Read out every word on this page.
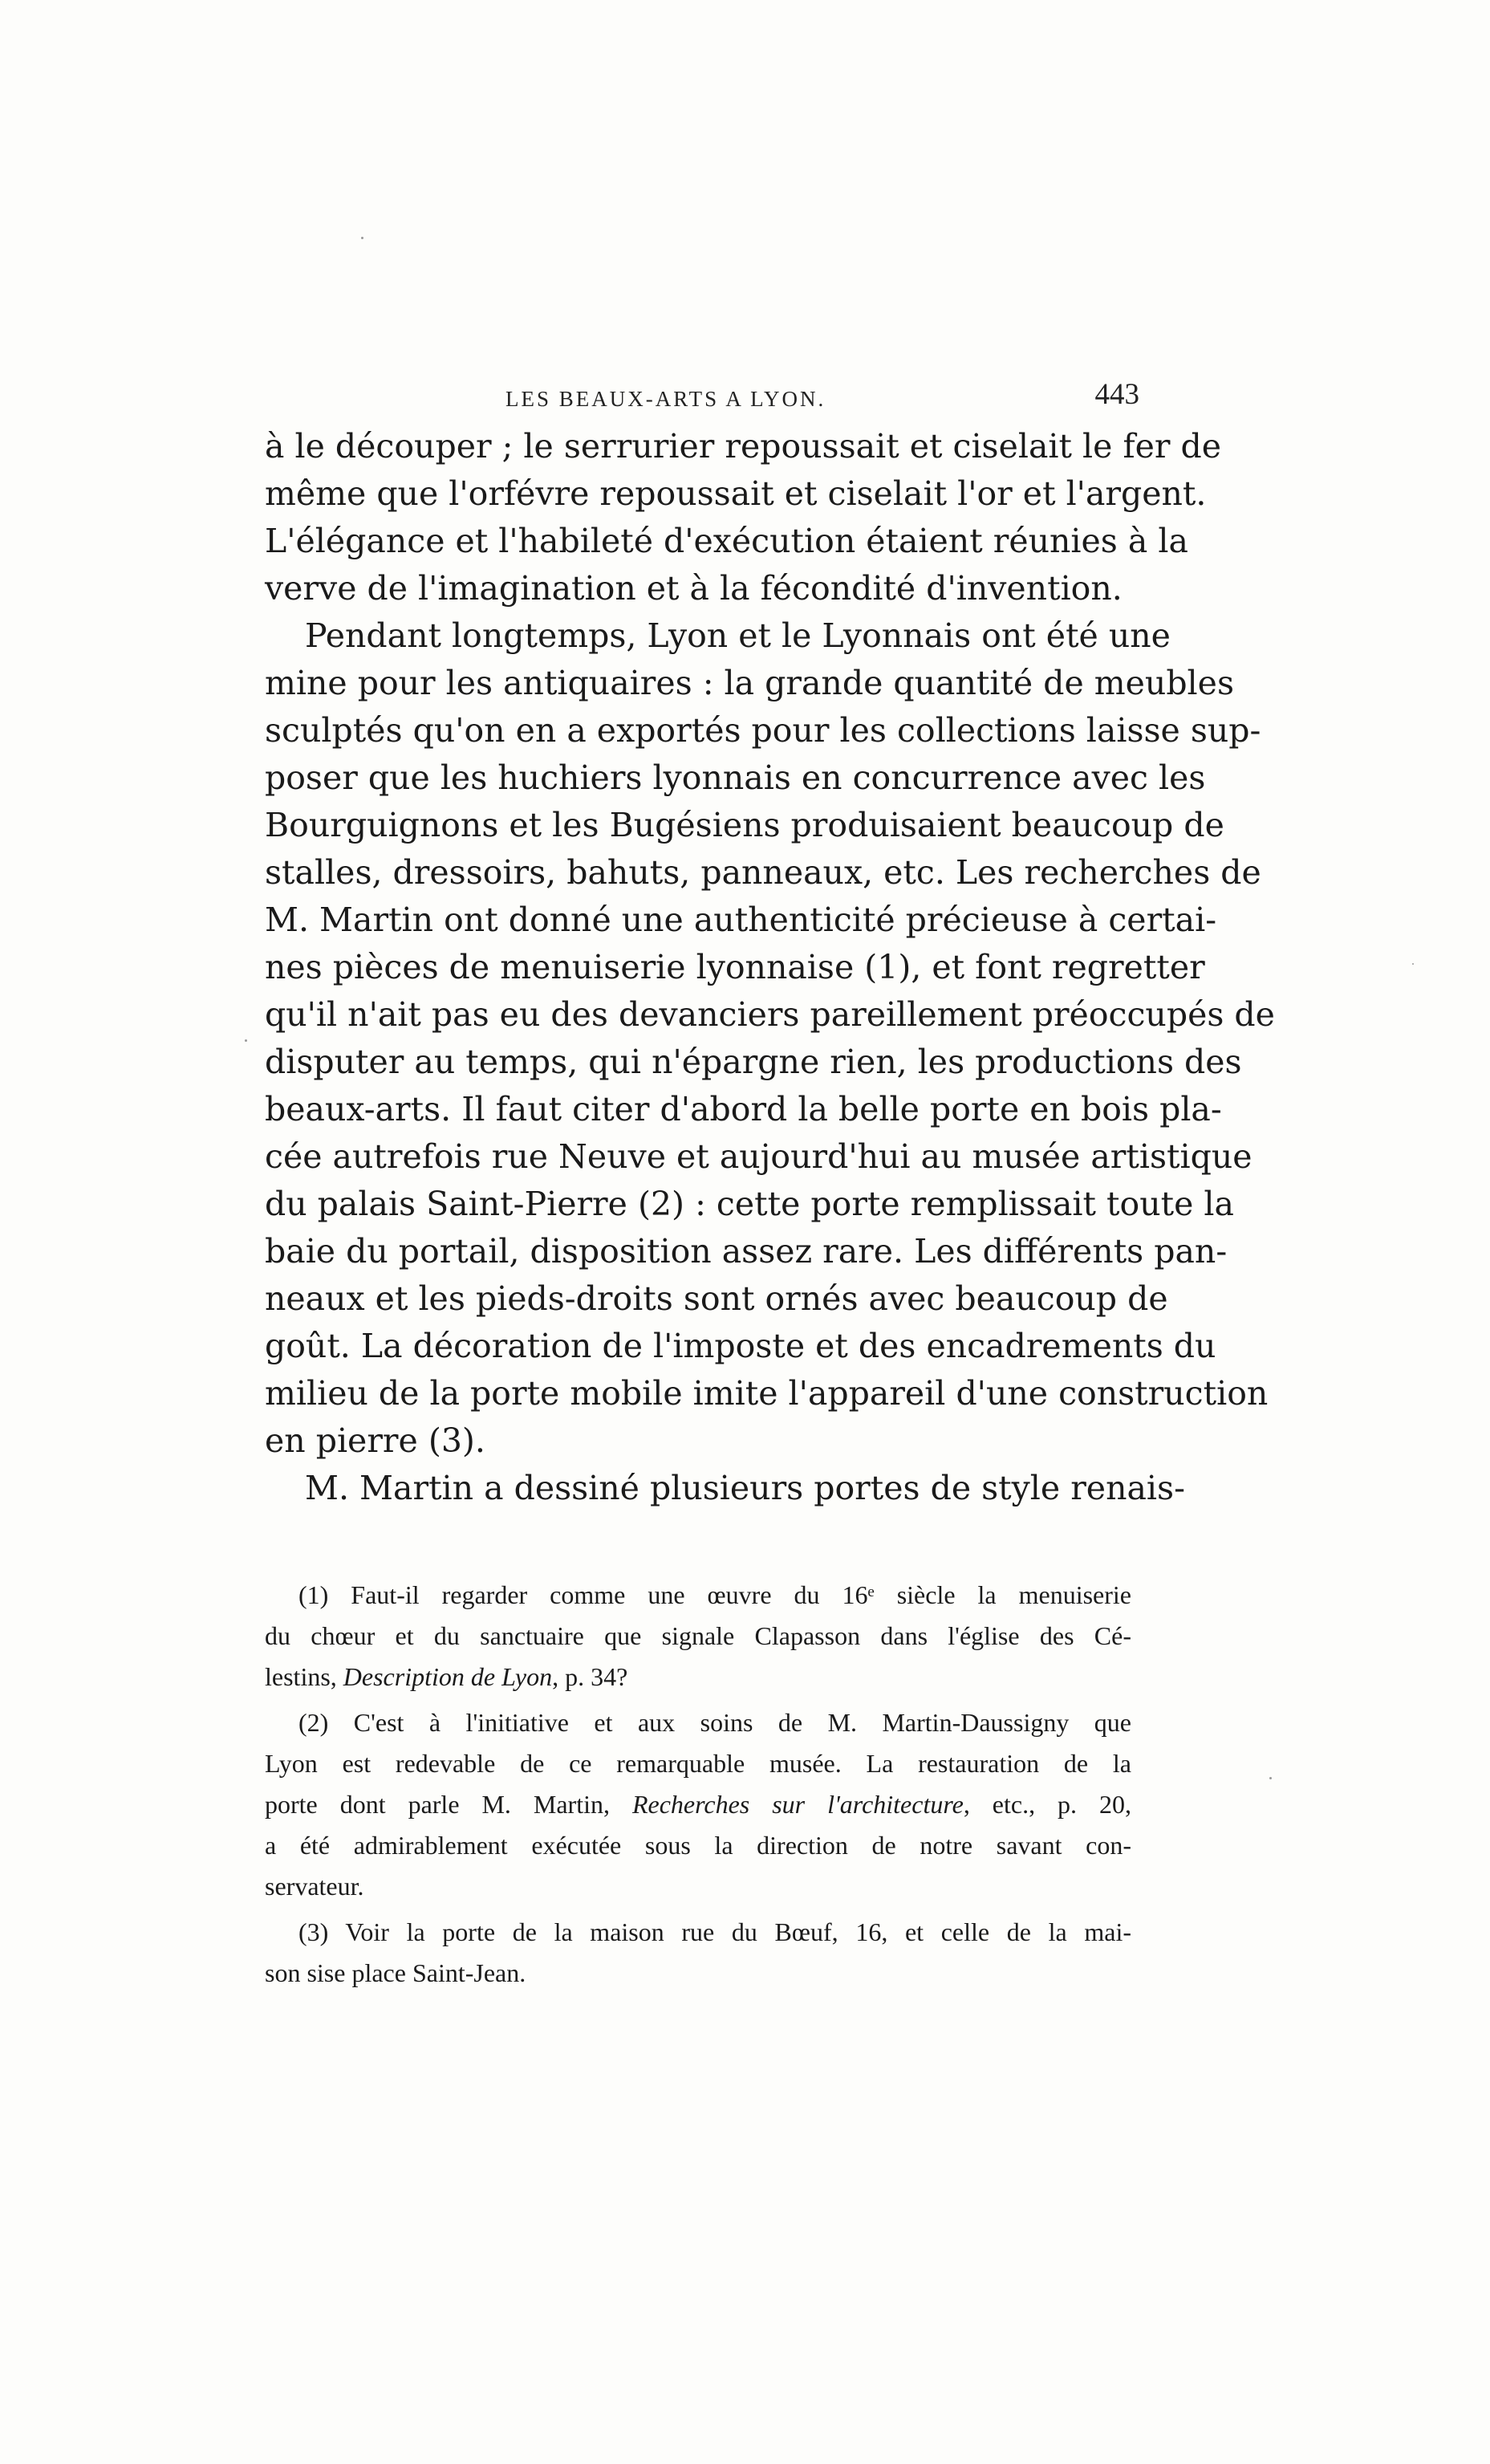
LES BEAUX-ARTS A LYON.	443
à le découper ; le serrurier repoussait et ciselait le fer de
même que l'orfévre repoussait et ciselait l'or et l'argent.
L'élégance et l'habileté d'exécution étaient réunies à la
verve de l'imagination et à la fécondité d'invention.
Pendant longtemps, Lyon et le Lyonnais ont été une
mine pour les antiquaires : la grande quantité de meubles
sculptés qu'on en a exportés pour les collections laisse sup-
poser que les huchiers lyonnais en concurrence avec les
Bourguignons et les Bugésiens produisaient beaucoup de
stalles, dressoirs, bahuts, panneaux, etc. Les recherches de
M. Martin ont donné une authenticité précieuse à certai-
nes pièces de menuiserie lyonnaise (1), et font regretter
qu'il n'ait pas eu des devanciers pareillement préoccupés de
disputer au temps, qui n'épargne rien, les productions des
beaux-arts. Il faut citer d'abord la belle porte en bois pla-
cée autrefois rue Neuve et aujourd'hui au musée artistique
du palais Saint-Pierre (2) : cette porte remplissait toute la
baie du portail, disposition assez rare. Les différents pan-
neaux et les pieds-droits sont ornés avec beaucoup de
goût. La décoration de l'imposte et des encadrements du
milieu de la porte mobile imite l'appareil d'une construction
en pierre (3).
M. Martin a dessiné plusieurs portes de style renais-
(1) Faut-il regarder comme une œuvre du 16ᵉ siècle la menuiserie
du chœur et du sanctuaire que signale Clapasson dans l'église des Cé-
lestins, Description de Lyon, p. 34?
(2) C'est à l'initiative et aux soins de M. Martin-Daussigny que
Lyon est redevable de ce remarquable musée. La restauration de la
porte dont parle M. Martin, Recherches sur l'architecture, etc., p. 20,
a été admirablement exécutée sous la direction de notre savant con-
servateur.
(3) Voir la porte de la maison rue du Bœuf, 16, et celle de la mai-
son sise place Saint-Jean.
